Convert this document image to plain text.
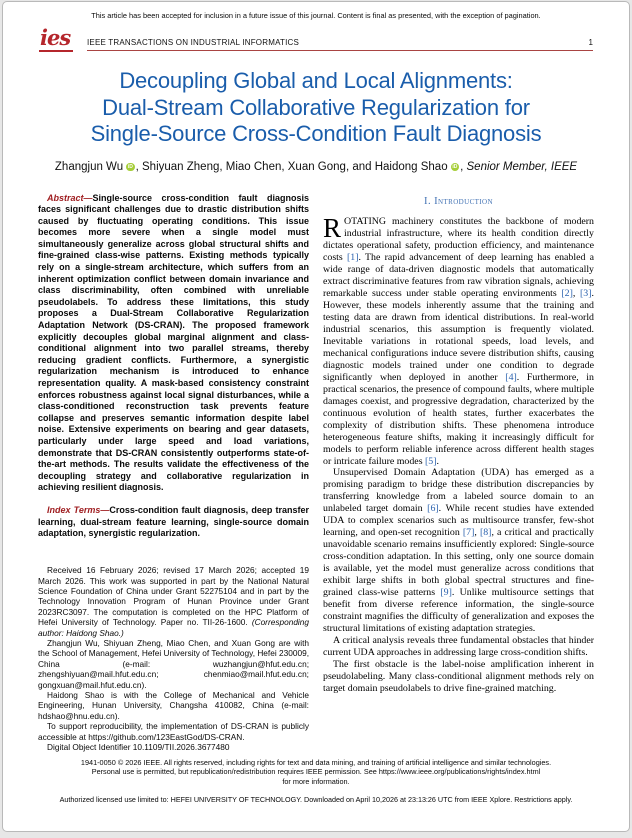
This article has been accepted for inclusion in a future issue of this journal. Content is final as presented, with the exception of pagination.
ies	IEEE TRANSACTIONS ON INDUSTRIAL INFORMATICS	1
Decoupling Global and Local Alignments:
Dual-Stream Collaborative Regularization for
Single-Source Cross-Condition Fault Diagnosis
Zhangjun Wu iD , Shiyuan Zheng, Miao Chen, Xuan Gong, and Haidong Shao iD , Senior Member, IEEE

Abstract—Single-source cross-condition fault diagnosis faces significant challenges due to drastic distribution shifts caused by fluctuating operating conditions. This issue becomes more severe when a single model must simultaneously generalize across global structural shifts and fine-grained class-wise patterns. Existing methods typically rely on a single-stream architecture, which suffers from an inherent optimization conflict between domain invariance and class discriminability, often combined with unreliable pseudolabels. To address these limitations, this study proposes a Dual-Stream Collaborative Regularization Adaptation Network (DS-CRAN). The proposed framework explicitly decouples global marginal alignment and class-conditional alignment into two parallel streams, thereby reducing gradient conflicts. Furthermore, a synergistic regularization mechanism is introduced to enhance representation quality. A mask-based consistency constraint enforces robustness against local signal disturbances, while a class-conditioned reconstruction task prevents feature collapse and preserves semantic information despite label noise. Extensive experiments on bearing and gear datasets, particularly under large speed and load variations, demonstrate that DS-CRAN consistently outperforms state-of-the-art methods. The results validate the effectiveness of the decoupling strategy and collaborative regularization in achieving resilient diagnosis.

Index Terms—Cross-condition fault diagnosis, deep transfer learning, dual-stream feature learning, single-source domain adaptation, synergistic regularization.

Received 16 February 2026; revised 17 March 2026; accepted 19 March 2026. This work was supported in part by the National Natural Science Foundation of China under Grant 52275104 and in part by the Technology Innovation Program of Hunan Province under Grant 2023RC3097. The computation is completed on the HPC Platform of Hefei University of Technology. Paper no. TII-26-1600. (Corresponding author: Haidong Shao.)

Zhangjun Wu, Shiyuan Zheng, Miao Chen, and Xuan Gong are with the School of Management, Hefei University of Technology, Hefei 230009, China (e-mail: wuzhangjun@hfut.edu.cn; zhengshiyuan@mail.hfut.edu.cn; chenmiao@mail.hfut.edu.cn; gongxuan@mail.hfut.edu.cn).

Haidong Shao is with the College of Mechanical and Vehicle Engineering, Hunan University, Changsha 410082, China (e-mail: hdshao@hnu.edu.cn).

To support reproducibility, the implementation of DS-CRAN is publicly accessible at https://github.com/123EastGod/DS-CRAN.

Digital Object Identifier 10.1109/TII.2026.3677480

I. Introduction

ROTATING machinery constitutes the backbone of modern industrial infrastructure, where its health condition directly dictates operational safety, production efficiency, and maintenance costs [1]. The rapid advancement of deep learning has enabled a wide range of data-driven diagnostic models that automatically extract discriminative features from raw vibration signals, achieving remarkable success under stable operating environments [2], [3]. However, these models inherently assume that the training and testing data are drawn from identical distributions. In real-world industrial scenarios, this assumption is frequently violated. Inevitable variations in rotational speeds, load levels, and mechanical configurations induce severe distribution shifts, causing diagnostic models trained under one condition to degrade significantly when deployed in another [4]. Furthermore, in practical scenarios, the presence of compound faults, where multiple damages coexist, and progressive degradation, characterized by the continuous evolution of health states, further exacerbates the complexity of distribution shifts. These phenomena introduce heterogeneous feature shifts, making it increasingly difficult for models to perform reliable inference across different health stages or intricate failure modes [5].

Unsupervised Domain Adaptation (UDA) has emerged as a promising paradigm to bridge these distribution discrepancies by transferring knowledge from a labeled source domain to an unlabeled target domain [6]. While recent studies have extended UDA to complex scenarios such as multisource transfer, few-shot learning, and open-set recognition [7], [8], a critical and practically unavoidable scenario remains insufficiently explored: Single-source cross-condition adaptation. In this setting, only one source domain is available, yet the model must generalize across conditions that exhibit large shifts in both global spectral structures and fine-grained class-wise patterns [9]. Unlike multisource settings that benefit from diverse reference information, the single-source constraint magnifies the difficulty of generalization and exposes the structural limitations of existing adaptation strategies.

A critical analysis reveals three fundamental obstacles that hinder current UDA approaches in addressing large cross-condition shifts.

The first obstacle is the label-noise amplification inherent in pseudolabeling. Many class-conditional alignment methods rely on target domain pseudolabels to drive fine-grained matching.

1941-0050 © 2026 IEEE. All rights reserved, including rights for text and data mining, and training of artificial intelligence and similar technologies.
Personal use is permitted, but republication/redistribution requires IEEE permission. See https://www.ieee.org/publications/rights/index.html
for more information.
Authorized licensed use limited to: HEFEI UNIVERSITY OF TECHNOLOGY. Downloaded on April 10,2026 at 23:13:26 UTC from IEEE Xplore. Restrictions apply.
